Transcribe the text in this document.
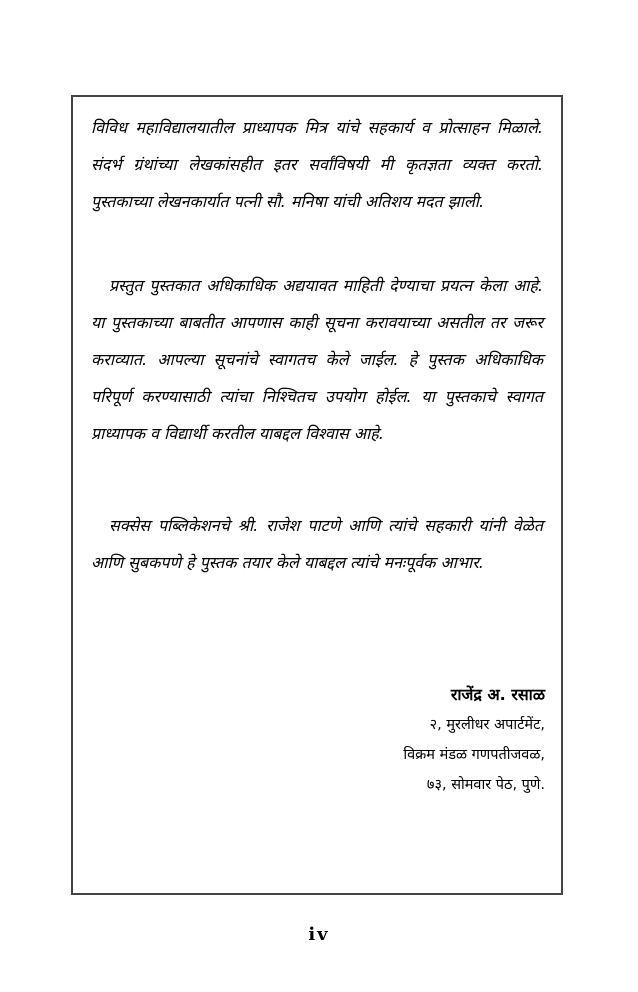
विविध महाविद्यालयातील प्राध्यापक मित्र यांचे सहकार्य व प्रोत्साहन मिळाले. संदर्भ ग्रंथांच्या लेखकांसहीत इतर सर्वांविषयी मी कृतज्ञता व्यक्त करतो. पुस्तकाच्या लेखनकार्यात पत्नी सौ. मनिषा यांची अतिशय मदत झाली.

प्रस्तुत पुस्तकात अधिकाधिक अद्ययावत माहिती देण्याचा प्रयत्न केला आहे. या पुस्तकाच्या बाबतीत आपणास काही सूचना करावयाच्या असतील तर जरूर कराव्यात. आपल्या सूचनांचे स्वागतच केले जाईल. हे पुस्तक अधिकाधिक परिपूर्ण करण्यासाठी त्यांचा निश्चितच उपयोग होईल. या पुस्तकाचे स्वागत प्राध्यापक व विद्यार्थी करतील याबद्दल विश्वास आहे.

सक्सेस पब्लिकेशनचे श्री. राजेश पाटणे आणि त्यांचे सहकारी यांनी वेळेत आणि सुबकपणे हे पुस्तक तयार केले याबद्दल त्यांचे मनःपूर्वक आभार.

राजेंद्र अ. रसाळ
२, मुरलीधर अपार्टमेंट,
विक्रम मंडळ गणपतीजवळ,
७३, सोमवार पेठ, पुणे.
iv
